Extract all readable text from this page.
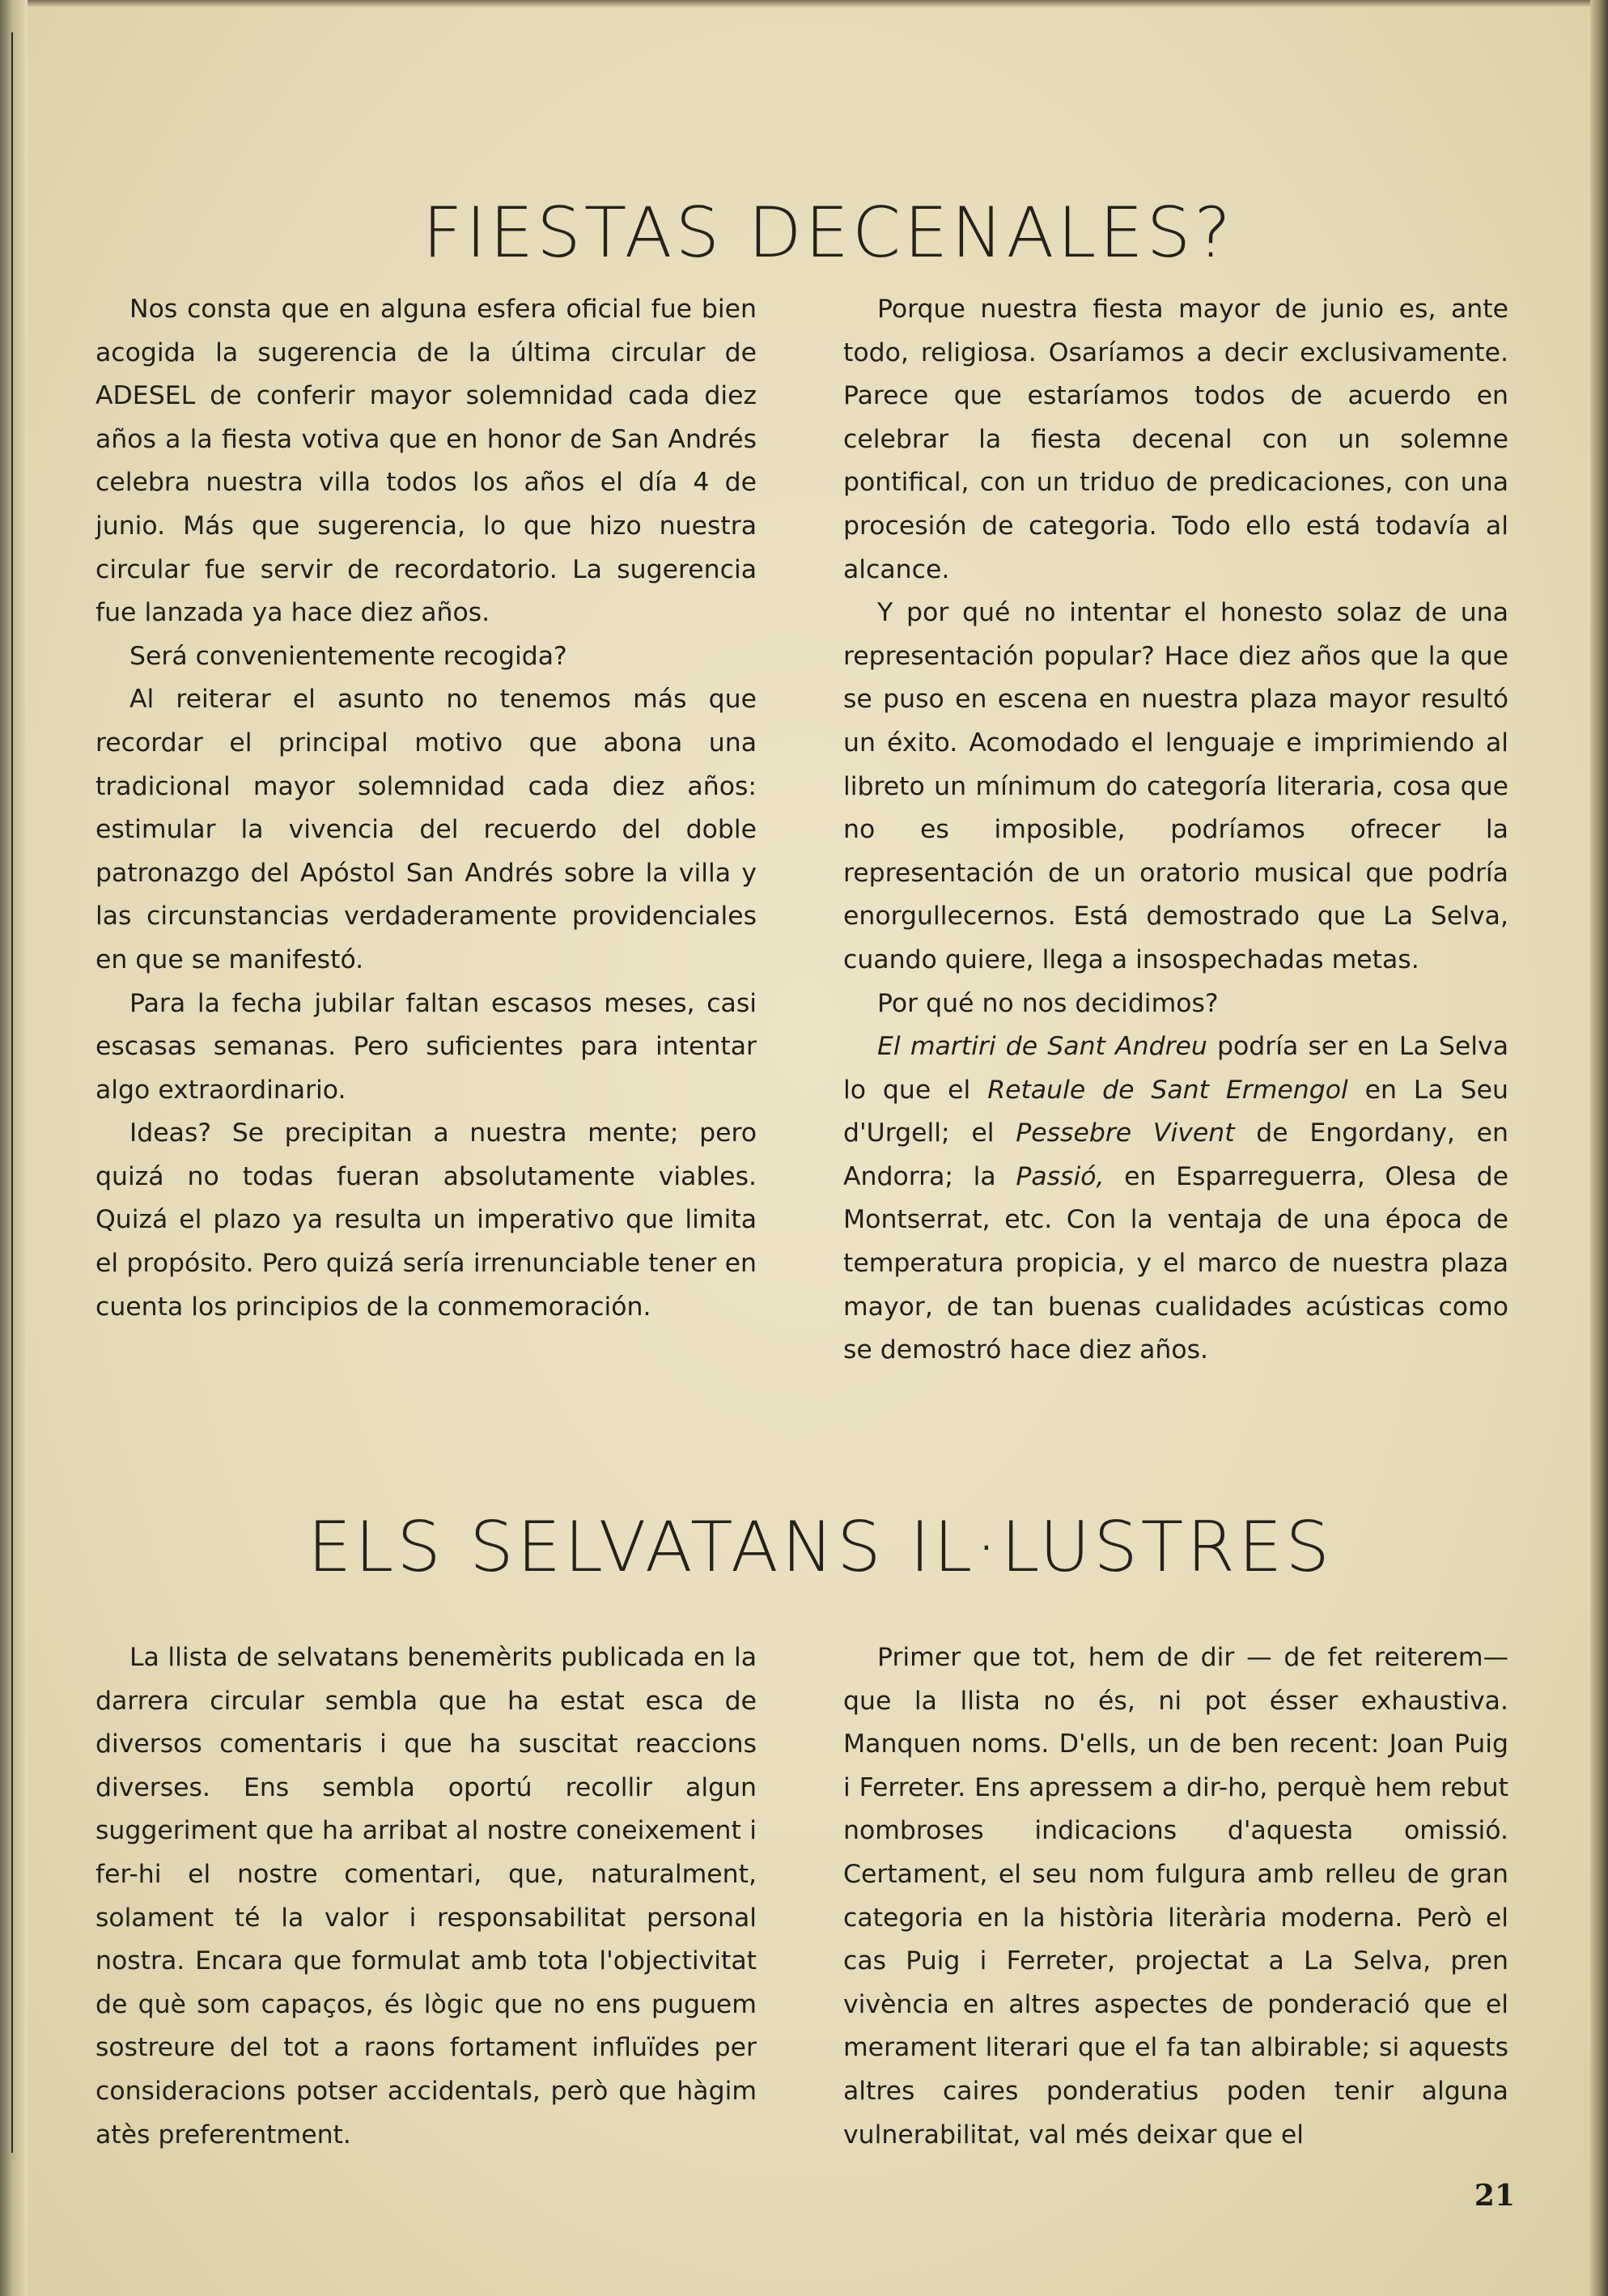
FIESTAS DECENALES?

Nos consta que en alguna esfera oficial fue bien acogida la sugerencia de la última circular de ADESEL de conferir mayor solemnidad cada diez años a la fiesta votiva que en honor de San Andrés celebra nuestra villa todos los años el día 4 de junio. Más que sugerencia, lo que hizo nuestra circular fue servir de recordatorio. La sugerencia fue lanzada ya hace diez años.

Será convenientemente recogida?

Al reiterar el asunto no tenemos más que recordar el principal motivo que abona una tradicional mayor solemnidad cada diez años: estimular la vivencia del recuerdo del doble patronazgo del Apóstol San Andrés sobre la villa y las circunstancias verdaderamente providenciales en que se manifestó.

Para la fecha jubilar faltan escasos meses, casi escasas semanas. Pero suficientes para intentar algo extraordinario.

Ideas? Se precipitan a nuestra mente; pero quizá no todas fueran absolutamente viables. Quizá el plazo ya resulta un imperativo que limita el propósito. Pero quizá sería irrenunciable tener en cuenta los principios de la conmemoración.

Porque nuestra fiesta mayor de junio es, ante todo, religiosa. Osaríamos a decir exclusivamente. Parece que estaríamos todos de acuerdo en celebrar la fiesta decenal con un solemne pontifical, con un triduo de predicaciones, con una procesión de categoria. Todo ello está todavía al alcance.

Y por qué no intentar el honesto solaz de una representación popular? Hace diez años que la que se puso en escena en nuestra plaza mayor resultó un éxito. Acomodado el lenguaje e imprimiendo al libreto un mínimum do categoría literaria, cosa que no es imposible, podríamos ofrecer la representación de un oratorio musical que podría enorgullecernos. Está demostrado que La Selva, cuando quiere, llega a insospechadas metas.

Por qué no nos decidimos?

El martiri de Sant Andreu podría ser en La Selva lo que el Retaule de Sant Ermengol en La Seu d'Urgell; el Pessebre Vivent de Engordany, en Andorra; la Passió, en Esparreguerra, Olesa de Montserrat, etc. Con la ventaja de una época de temperatura propicia, y el marco de nuestra plaza mayor, de tan buenas cualidades acústicas como se demostró hace diez años.

ELS SELVATANS IL·LUSTRES

La llista de selvatans benemèrits publicada en la darrera circular sembla que ha estat esca de diversos comentaris i que ha suscitat reaccions diverses. Ens sembla oportú recollir algun suggeriment que ha arribat al nostre coneixement i fer-hi el nostre comentari, que, naturalment, solament té la valor i responsabilitat personal nostra. Encara que formulat amb tota l'objectivitat de què som capaços, és lògic que no ens puguem sostreure del tot a raons fortament influïdes per consideracions potser accidentals, però que hàgim atès preferentment.

Primer que tot, hem de dir — de fet reiterem— que la llista no és, ni pot ésser exhaustiva. Manquen noms. D'ells, un de ben recent: Joan Puig i Ferreter. Ens apressem a dir-ho, perquè hem rebut nombroses indicacions d'aquesta omissió. Certament, el seu nom fulgura amb relleu de gran categoria en la història literària moderna. Però el cas Puig i Ferreter, projectat a La Selva, pren vivència en altres aspectes de ponderació que el merament literari que el fa tan albirable; si aquests altres caires ponderatius poden tenir alguna vulnerabilitat, val més deixar que el

21
